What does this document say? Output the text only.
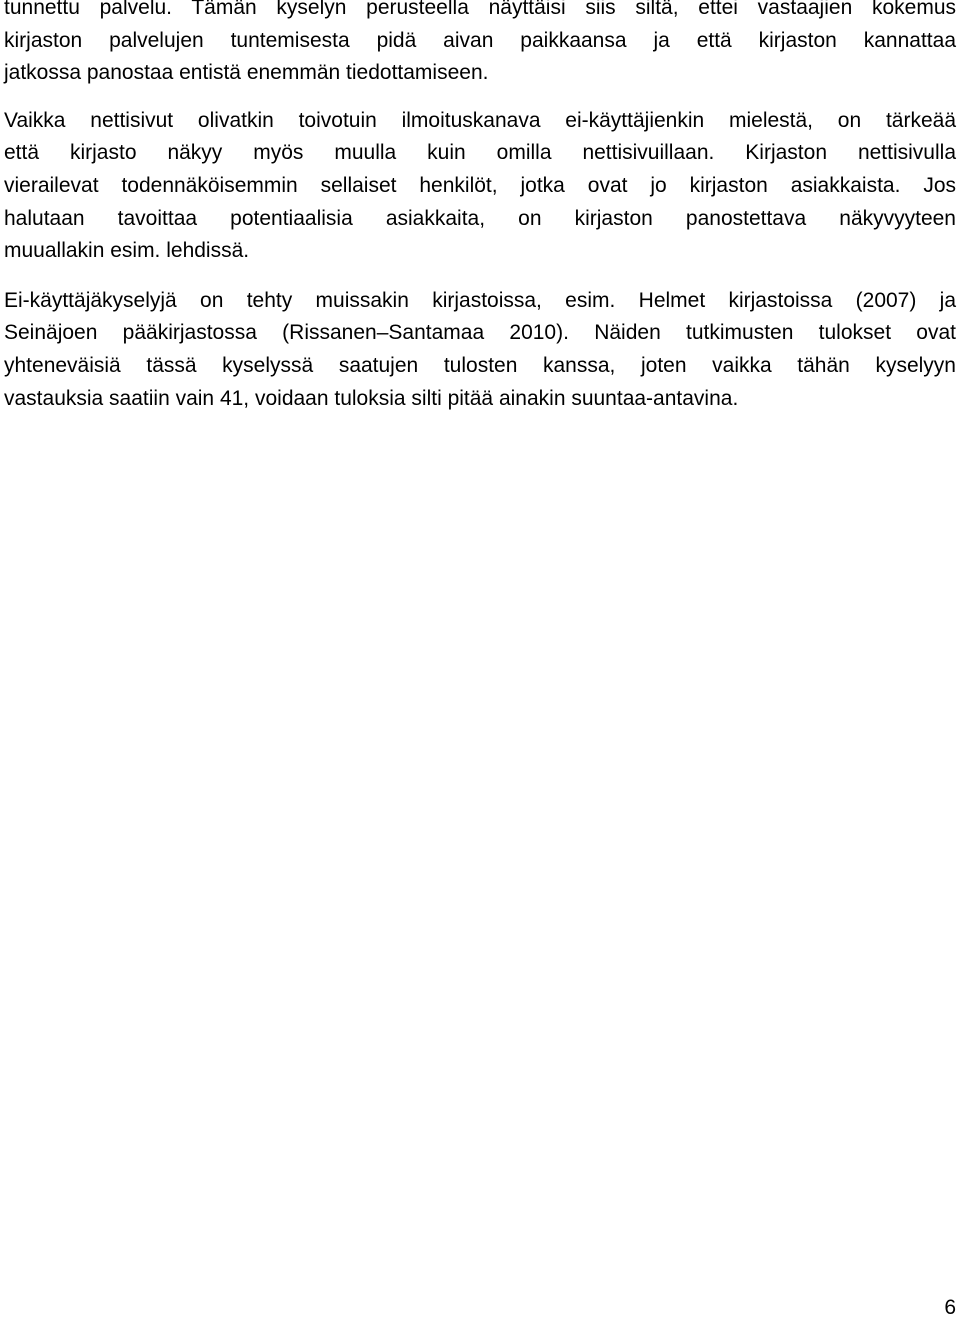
tunnettu palvelu. Tämän kyselyn perusteella näyttäisi siis siltä, ettei vastaajien kokemus
kirjaston palvelujen tuntemisesta pidä aivan paikkaansa ja että kirjaston kannattaa
jatkossa panostaa entistä enemmän tiedottamiseen.

Vaikka nettisivut olivatkin toivotuin ilmoituskanava ei-käyttäjienkin mielestä, on tärkeää
että kirjasto näkyy myös muulla kuin omilla nettisivuillaan. Kirjaston nettisivulla
vierailevat todennäköisemmin sellaiset henkilöt, jotka ovat jo kirjaston asiakkaista. Jos
halutaan tavoittaa potentiaalisia asiakkaita, on kirjaston panostettava näkyvyyteen
muuallakin esim. lehdissä.

Ei-käyttäjäkyselyjä on tehty muissakin kirjastoissa, esim. Helmet kirjastoissa (2007) ja
Seinäjoen pääkirjastossa (Rissanen–Santamaa 2010). Näiden tutkimusten tulokset ovat
yhteneväisiä tässä kyselyssä saatujen tulosten kanssa, joten vaikka tähän kyselyyn
vastauksia saatiin vain 41, voidaan tuloksia silti pitää ainakin suuntaa-antavina.

6
